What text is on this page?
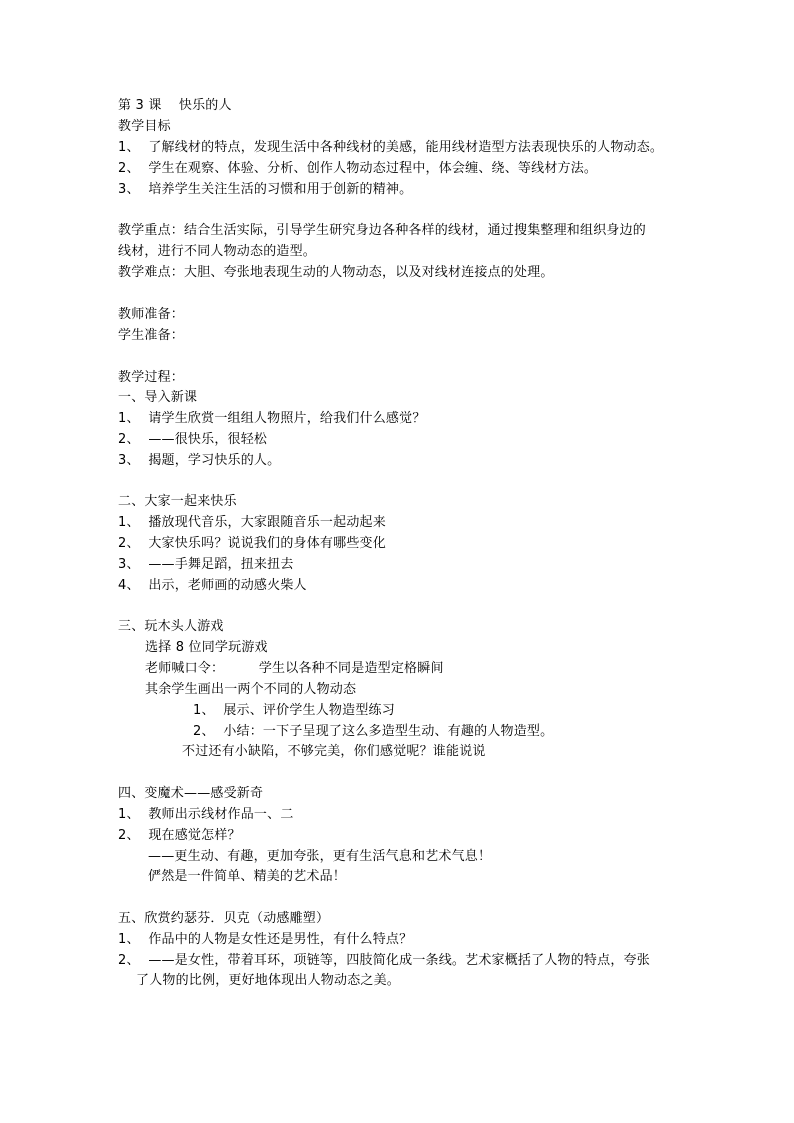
第 3 课    快乐的人
教学目标
1、  了解线材的特点，发现生活中各种线材的美感，能用线材造型方法表现快乐的人物动态。
2、  学生在观察、体验、分析、创作人物动态过程中，体会缠、绕、等线材方法。
3、  培养学生关注生活的习惯和用于创新的精神。
教学重点：结合生活实际，引导学生研究身边各种各样的线材，通过搜集整理和组织身边的
线材，进行不同人物动态的造型。
教学难点：大胆、夸张地表现生动的人物动态，以及对线材连接点的处理。
教师准备：
学生准备：
教学过程：
一、导入新课
1、  请学生欣赏一组组人物照片，给我们什么感觉？
2、  ——很快乐，很轻松
3、  揭题，学习快乐的人。
二、大家一起来快乐
1、  播放现代音乐，大家跟随音乐一起动起来
2、  大家快乐吗？说说我们的身体有哪些变化
3、  ——手舞足蹈，扭来扭去
4、  出示，老师画的动感火柴人
三、玩木头人游戏
选择 8 位同学玩游戏
老师喊口令：        学生以各种不同是造型定格瞬间
其余学生画出一两个不同的人物动态
1、  展示、评价学生人物造型练习
2、  小结：一下子呈现了这么多造型生动、有趣的人物造型。
不过还有小缺陷，不够完美，你们感觉呢？谁能说说
四、变魔术——感受新奇
1、  教师出示线材作品一、二
2、  现在感觉怎样？
——更生动、有趣，更加夸张，更有生活气息和艺术气息！
俨然是一件简单、精美的艺术品！
五、欣赏约瑟芬．贝克（动感雕塑）
1、  作品中的人物是女性还是男性，有什么特点？
2、  ——是女性，带着耳环，项链等，四肢简化成一条线。艺术家概括了人物的特点，夸张
了人物的比例，更好地体现出人物动态之美。
